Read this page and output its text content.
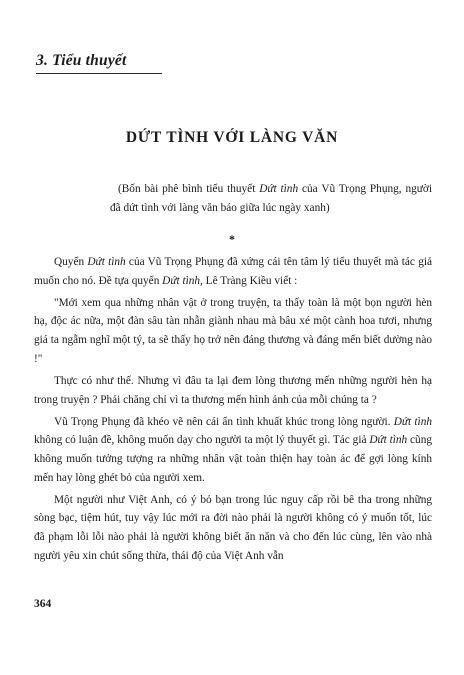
3. Tiểu thuyết
DỨT TÌNH VỚI LÀNG VĂN
(Bốn bài phê bình tiểu thuyết Dứt tình của Vũ Trọng Phụng, người đã dứt tình với làng văn báo giữa lúc ngày xanh)
*

Quyển Dứt tình của Vũ Trọng Phụng đã xứng cái tên tâm lý tiểu thuyết mà tác giả muốn cho nó. Đề tựa quyển Dứt tình, Lê Tràng Kiều viết :

"Mới xem qua những nhân vật ở trong truyện, ta thấy toàn là một bọn người hèn hạ, độc ác nữa, một đàn sâu tàn nhẫn giành nhau mà bâu xé một cành hoa tươi, nhưng giá ta ngẫm nghĩ một tý, ta sẽ thấy họ trở nên đáng thương và đáng mến biết dường nào !"

Thực có như thế. Nhưng vì đâu ta lại đem lòng thương mến những người hèn hạ trong truyện ? Phải chăng chỉ vì ta thương mến hình ảnh của mỗi chúng ta ?

Vũ Trọng Phụng đã khéo vẽ nên cái ẩn tình khuất khúc trong lòng người. Dứt tình không có luận đề, không muốn dạy cho người ta một lý thuyết gì. Tác giả Dứt tình cũng không muốn tưởng tượng ra những nhân vật toàn thiện hay toàn ác để gợi lòng kính mến hay lòng ghét bỏ của người xem.

Một người như Việt Anh, có ý bỏ bạn trong lúc nguy cấp rồi bê tha trong những sòng bạc, tiệm hút, tuy vậy lúc mới ra đời nào phải là người không có ý muốn tốt, lúc đã phạm lỗi lỗi nào phải là người không biết ăn năn và cho đến lúc cùng, lên vào nhà người yêu xin chút sống thừa, thái độ của Việt Anh vẫn

364
